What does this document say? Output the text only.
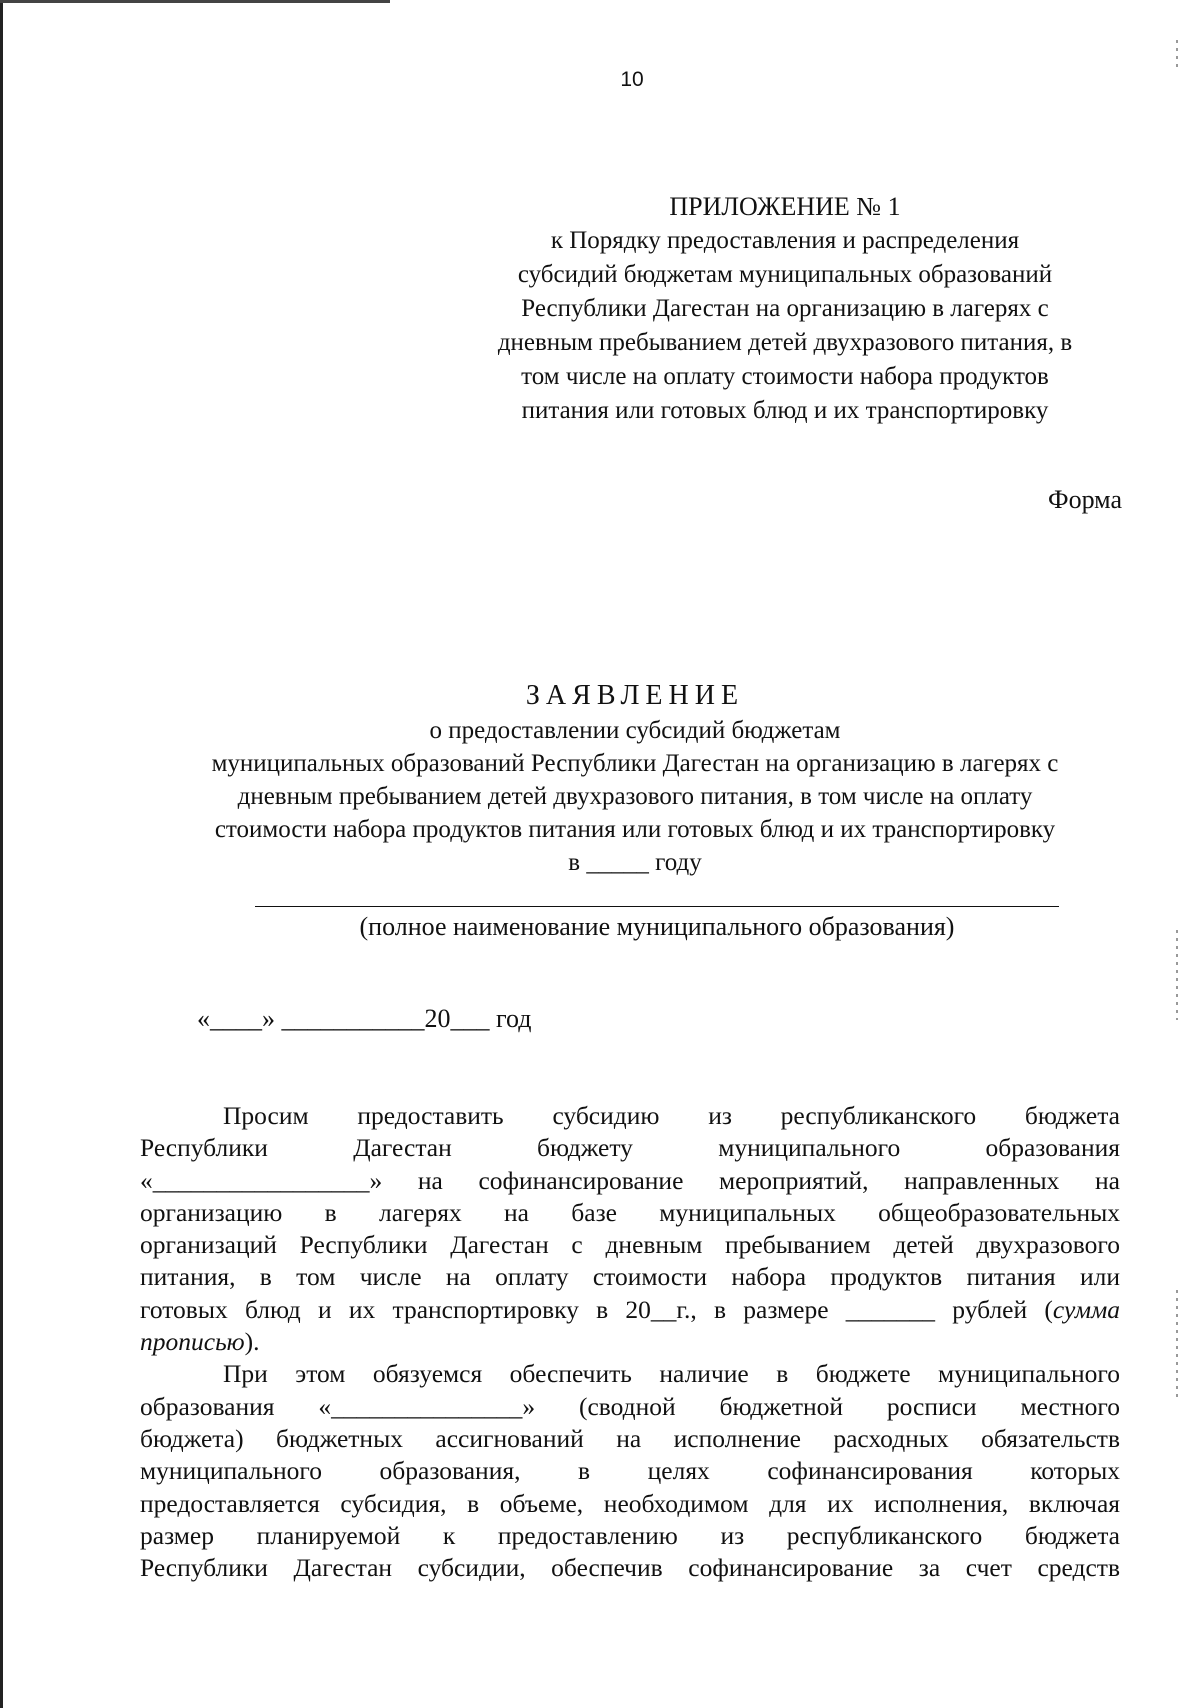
10
ПРИЛОЖЕНИЕ № 1
к Порядку предоставления и распределения
субсидий бюджетам муниципальных образований
Республики Дагестан на организацию в лагерях с
дневным пребыванием детей двухразового питания, в
том числе на оплату стоимости набора продуктов
питания или готовых блюд и их транспортировку
Форма
ЗАЯВЛЕНИЕ
о предоставлении субсидий бюджетам
муниципальных образований Республики Дагестан на организацию в лагерях с
дневным пребыванием детей двухразового питания, в том числе на оплату
стоимости набора продуктов питания или готовых блюд и их транспортировку
в _____ году
(полное наименование муниципального образования)
«____» ___________20___ год
Просим предоставить субсидию из республиканского бюджета
Республики Дагестан бюджету муниципального образования
«_________________» на софинансирование мероприятий, направленных на
организацию в лагерях на базе муниципальных общеобразовательных
организаций Республики Дагестан с дневным пребыванием детей двухразового
питания, в том числе на оплату стоимости набора продуктов питания или
готовых блюд и их транспортировку в 20__г., в размере _______ рублей (сумма
прописью).
При этом обязуемся обеспечить наличие в бюджете муниципального
образования «_______________» (сводной бюджетной росписи местного
бюджета) бюджетных ассигнований на исполнение расходных обязательств
муниципального образования, в целях софинансирования которых
предоставляется субсидия, в объеме, необходимом для их исполнения, включая
размер планируемой к предоставлению из республиканского бюджета
Республики Дагестан субсидии, обеспечив софинансирование за счет средств
